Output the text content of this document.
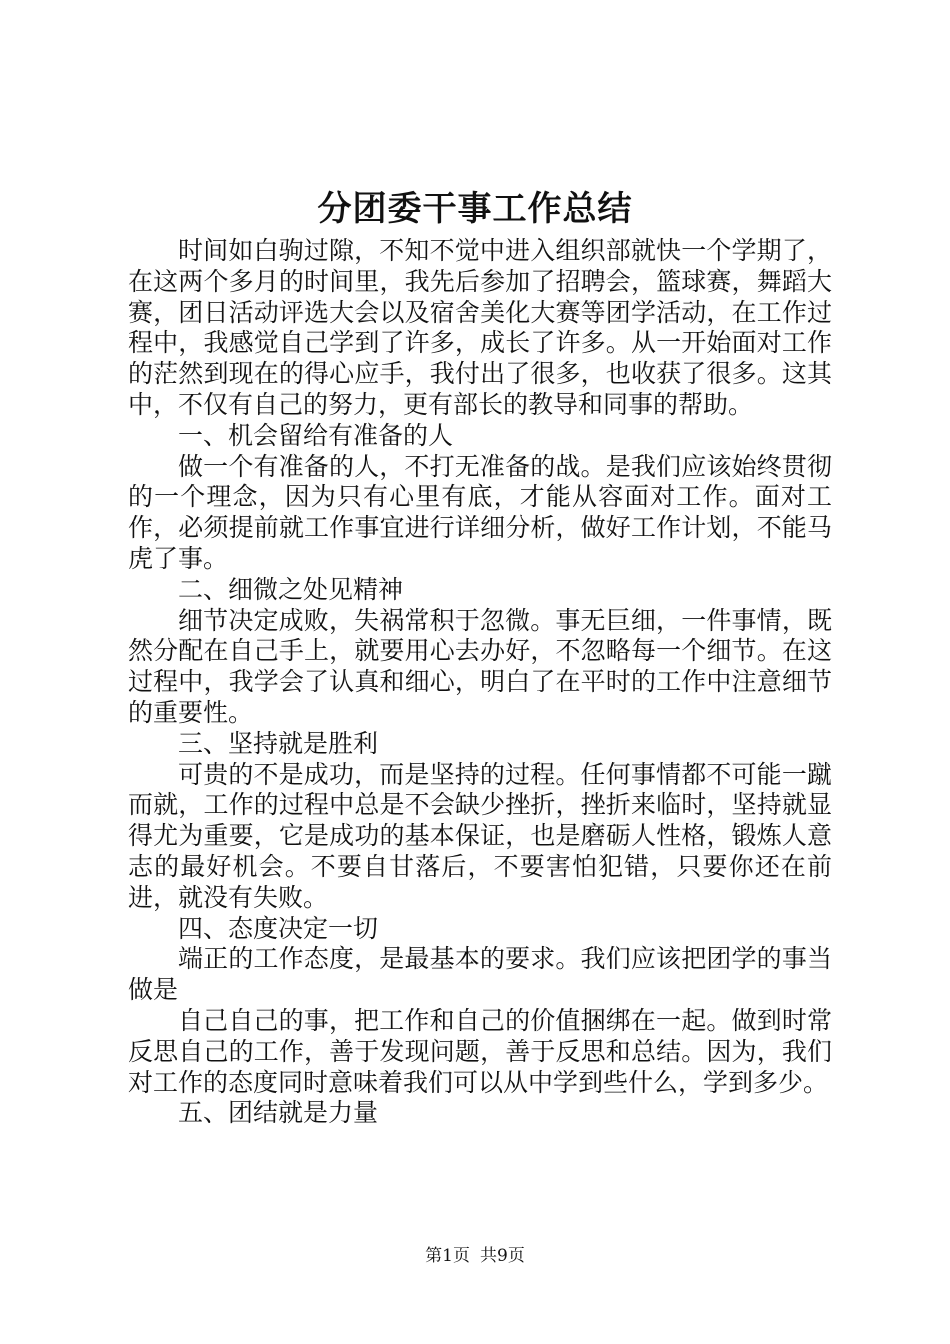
分团委干事工作总结

时间如白驹过隙，不知不觉中进入组织部就快一个学期了，在这两个多月的时间里，我先后参加了招聘会，篮球赛，舞蹈大赛，团日活动评选大会以及宿舍美化大赛等团学活动，在工作过程中，我感觉自己学到了许多，成长了许多。从一开始面对工作的茫然到现在的得心应手，我付出了很多，也收获了很多。这其中，不仅有自己的努力，更有部长的教导和同事的帮助。

一、机会留给有准备的人

做一个有准备的人，不打无准备的战。是我们应该始终贯彻的一个理念，因为只有心里有底，才能从容面对工作。面对工作，必须提前就工作事宜进行详细分析，做好工作计划，不能马虎了事。

二、细微之处见精神

细节决定成败，失祸常积于忽微。事无巨细，一件事情，既然分配在自己手上，就要用心去办好，不忽略每一个细节。在这过程中，我学会了认真和细心，明白了在平时的工作中注意细节的重要性。

三、坚持就是胜利

可贵的不是成功，而是坚持的过程。任何事情都不可能一蹴而就，工作的过程中总是不会缺少挫折，挫折来临时，坚持就显得尤为重要，它是成功的基本保证，也是磨砺人性格，锻炼人意志的最好机会。不要自甘落后，不要害怕犯错，只要你还在前进，就没有失败。

四、态度决定一切

端正的工作态度，是最基本的要求。我们应该把团学的事当做是

自己自己的事，把工作和自己的价值捆绑在一起。做到时常反思自己的工作，善于发现问题，善于反思和总结。因为，我们对工作的态度同时意味着我们可以从中学到些什么，学到多少。

五、团结就是力量

第1页 共9页
